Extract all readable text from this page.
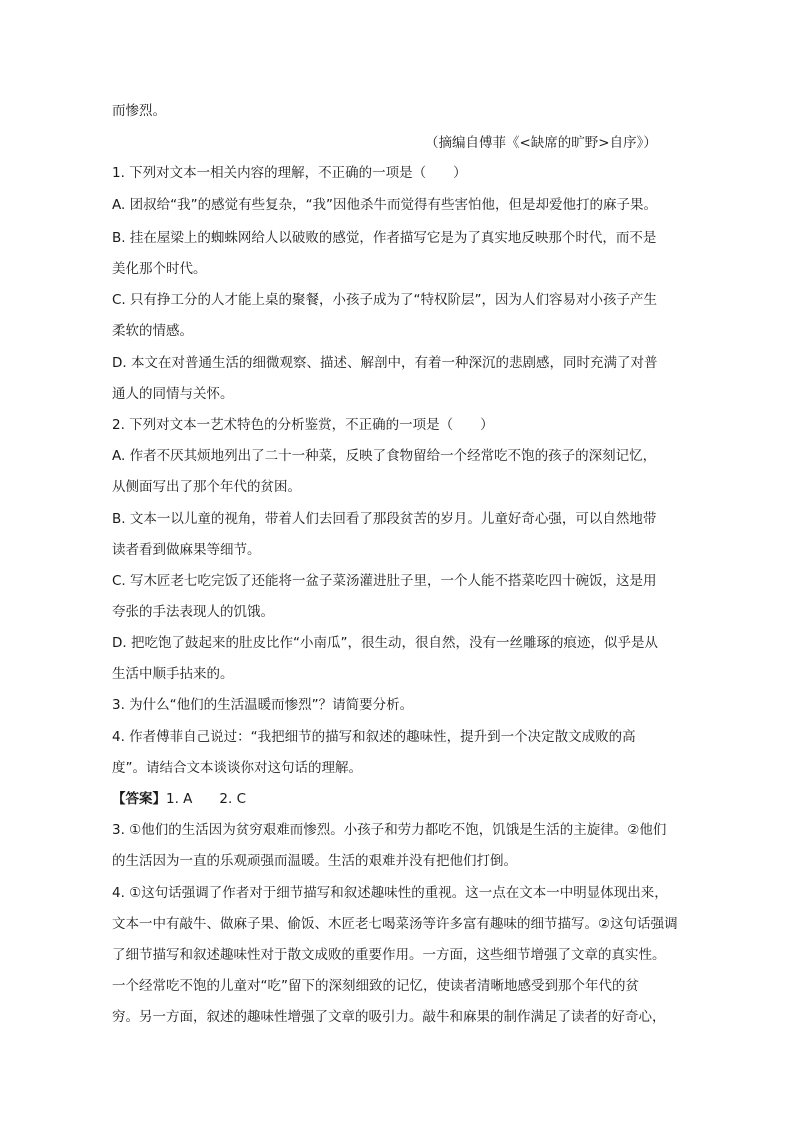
而惨烈。
（摘编自傅菲《<缺席的旷野>自序》）
1. 下列对文本一相关内容的理解，不正确的一项是（　　）
A. 团叔给“我”的感觉有些复杂，“我”因他杀牛而觉得有些害怕他，但是却爱他打的麻子果。
B. 挂在屋梁上的蜘蛛网给人以破败的感觉，作者描写它是为了真实地反映那个时代，而不是
美化那个时代。
C. 只有挣工分的人才能上桌的聚餐，小孩子成为了“特权阶层”，因为人们容易对小孩子产生
柔软的情感。
D. 本文在对普通生活的细微观察、描述、解剖中，有着一种深沉的悲剧感，同时充满了对普
通人的同情与关怀。
2. 下列对文本一艺术特色的分析鉴赏，不正确的一项是（　　）
A. 作者不厌其烦地列出了二十一种菜，反映了食物留给一个经常吃不饱的孩子的深刻记忆，
从侧面写出了那个年代的贫困。
B. 文本一以儿童的视角，带着人们去回看了那段贫苦的岁月。儿童好奇心强，可以自然地带
读者看到做麻果等细节。
C. 写木匠老七吃完饭了还能将一盆子菜汤灌进肚子里，一个人能不搭菜吃四十碗饭，这是用
夸张的手法表现人的饥饿。
D. 把吃饱了鼓起来的肚皮比作“小南瓜”，很生动，很自然，没有一丝雕琢的痕迹，似乎是从
生活中顺手拈来的。
3. 为什么“他们的生活温暖而惨烈”？请简要分析。
4. 作者傅菲自己说过：“我把细节的描写和叙述的趣味性，提升到一个决定散文成败的高
度”。请结合文本谈谈你对这句话的理解。
【答案】1. A　　2. C
3. ①他们的生活因为贫穷艰难而惨烈。小孩子和劳力都吃不饱，饥饿是生活的主旋律。②他们
的生活因为一直的乐观顽强而温暖。生活的艰难并没有把他们打倒。
4. ①这句话强调了作者对于细节描写和叙述趣味性的重视。这一点在文本一中明显体现出来，
文本一中有敲牛、做麻子果、偷饭、木匠老七喝菜汤等许多富有趣味的细节描写。②这句话强调
了细节描写和叙述趣味性对于散文成败的重要作用。一方面，这些细节增强了文章的真实性。
一个经常吃不饱的儿童对“吃”留下的深刻细致的记忆，使读者清晰地感受到那个年代的贫
穷。另一方面，叙述的趣味性增强了文章的吸引力。敲牛和麻果的制作满足了读者的好奇心，
